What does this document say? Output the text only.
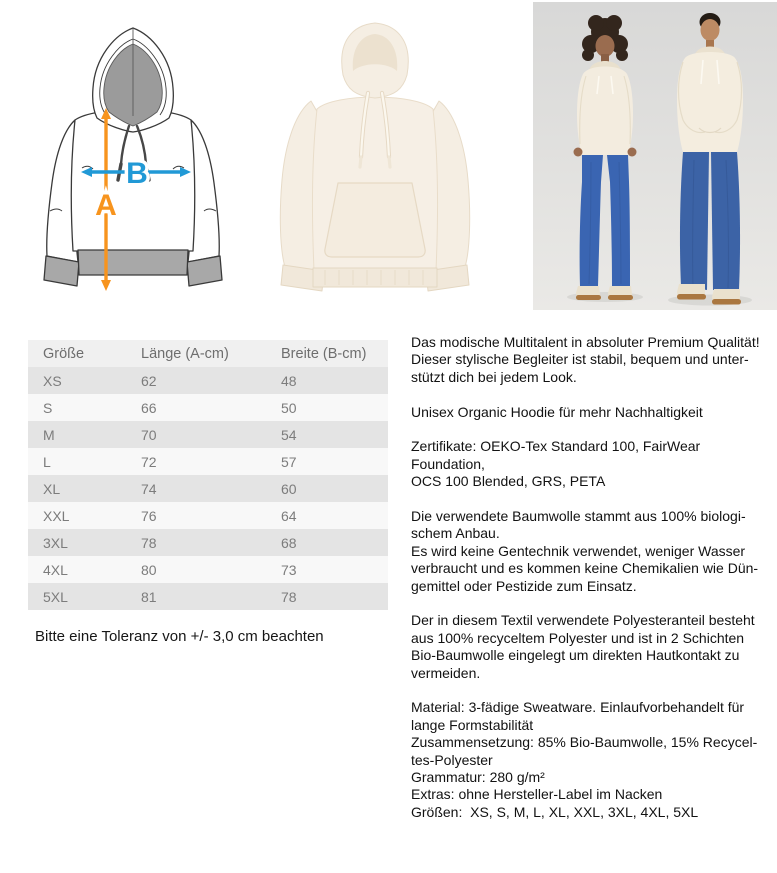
A
B
Größe	Länge (A-cm)	Breite (B-cm)
XS	62	48
S	66	50
M	70	54
L	72	57
XL	74	60
XXL	76	64
3XL	78	68
4XL	80	73
5XL	81	78
Bitte eine Toleranz von +/- 3,0 cm beachten
Das modische Multitalent in absoluter Premium Qualität!
Dieser stylische Begleiter ist stabil, bequem und unter-
stützt dich bei jedem Look.
Unisex Organic Hoodie für mehr Nachhaltigkeit
Zertifikate: OEKO-Tex Standard 100, FairWear Foundation,
OCS 100 Blended, GRS, PETA
Die verwendete Baumwolle stammt aus 100% biologi-
schem Anbau.
Es wird keine Gentechnik verwendet, weniger Wasser
verbraucht und es kommen keine Chemikalien wie Dün-
gemittel oder Pestizide zum Einsatz.
Der in diesem Textil verwendete Polyesteranteil besteht
aus 100% recyceltem Polyester und ist in 2 Schichten
Bio-Baumwolle eingelegt um direkten Hautkontakt zu
vermeiden.
Material: 3-fädige Sweatware. Einlaufvorbehandelt für
lange Formstabilität
Zusammensetzung: 85% Bio-Baumwolle, 15% Recycel-
tes-Polyester
Grammatur: 280 g/m²
Extras: ohne Hersteller-Label im Nacken
Größen:  XS, S, M, L, XL, XXL, 3XL, 4XL, 5XL
